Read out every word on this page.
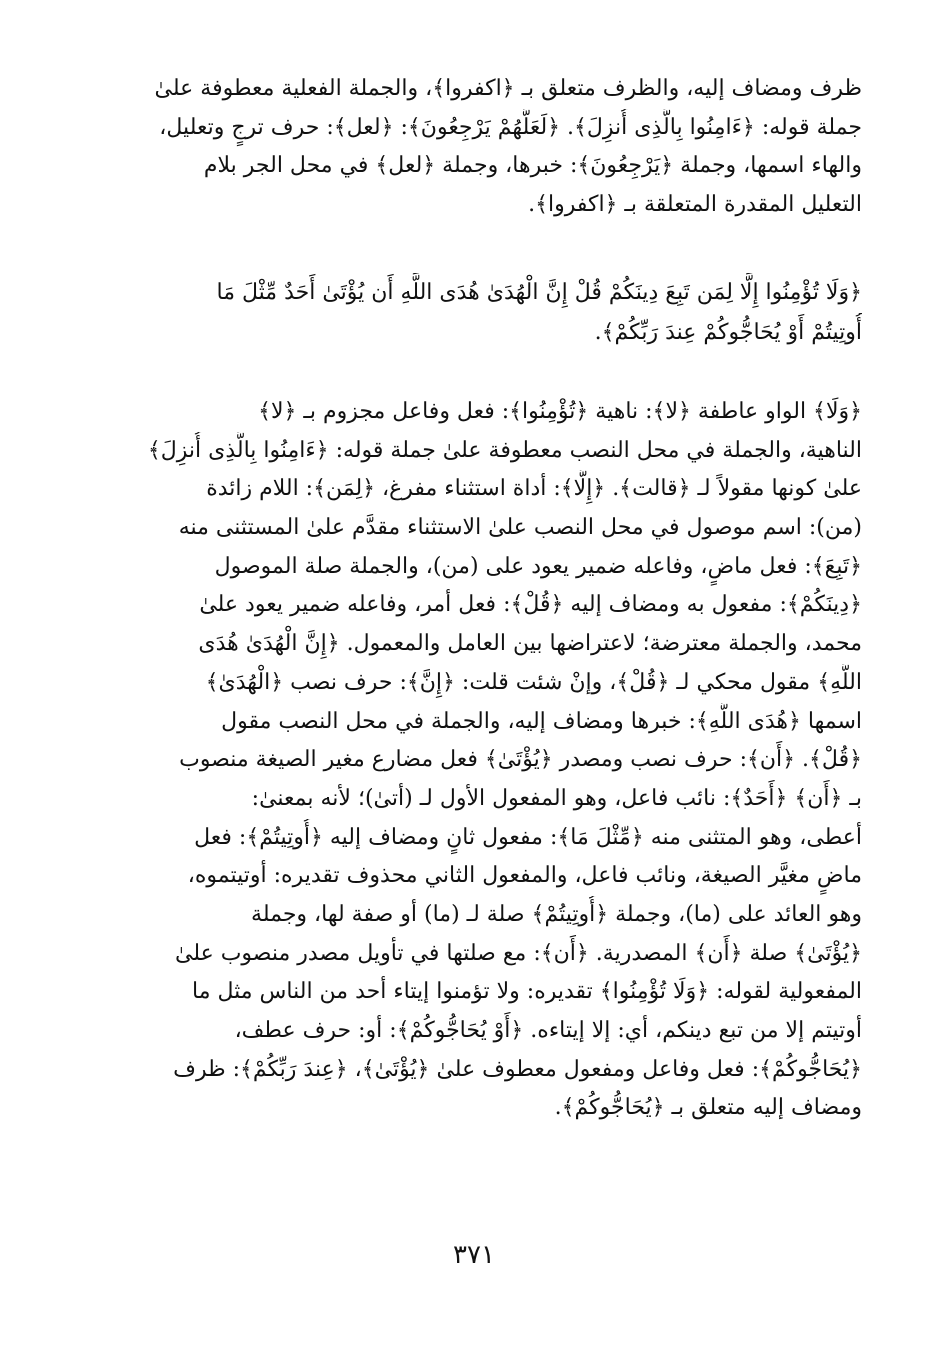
ظرف ومضاف إليه، والظرف متعلق بـ ﴿اكفروا﴾، والجملة الفعلية معطوفة علىٰ
جملة قوله: ﴿ءَامِنُوا بِالَّذِى أُنزِلَ﴾. ﴿لَعَلَّهُمْ يَرْجِعُونَ﴾: ﴿لعل﴾: حرف ترجٍ وتعليل،
والهاء اسمها، وجملة ﴿يَرْجِعُونَ﴾: خبرها، وجملة ﴿لعل﴾ في محل الجر بلام
التعليل المقدرة المتعلقة بـ ﴿اكفروا﴾.
﴿وَلَا تُؤْمِنُوا إِلَّا لِمَن تَبِعَ دِينَكُمْ قُلْ إِنَّ الْهُدَىٰ هُدَى اللَّهِ أَن يُؤْتَىٰ أَحَدٌ مِّثْلَ مَا
أُوتِيتُمْ أَوْ يُحَاجُّوكُمْ عِندَ رَبِّكُمْ﴾.
﴿وَلَا﴾ الواو عاطفة ﴿لا﴾: ناهية ﴿تُؤْمِنُوا﴾: فعل وفاعل مجزوم بـ ﴿لا﴾
الناهية، والجملة في محل النصب معطوفة علىٰ جملة قوله: ﴿ءَامِنُوا بِالَّذِى أُنزِلَ﴾
علىٰ كونها مقولاً لـ ﴿قالت﴾. ﴿إِلَّا﴾: أداة استثناء مفرغ، ﴿لِمَن﴾: اللام زائدة
(من): اسم موصول في محل النصب علىٰ الاستثناء مقدَّم علىٰ المستثنى منه
﴿تَبِعَ﴾: فعل ماضٍ، وفاعله ضمير يعود على (من)، والجملة صلة الموصول
﴿دِينَكُمْ﴾: مفعول به ومضاف إليه ﴿قُلْ﴾: فعل أمر، وفاعله ضمير يعود علىٰ
محمد، والجملة معترضة؛ لاعتراضها بين العامل والمعمول. ﴿إِنَّ الْهُدَىٰ هُدَى
اللَّهِ﴾ مقول محكي لـ ﴿قُلْ﴾، وإنْ شئت قلت: ﴿إِنَّ﴾: حرف نصب ﴿الْهُدَىٰ﴾
اسمها ﴿هُدَى اللَّهِ﴾: خبرها ومضاف إليه، والجملة في محل النصب مقول
﴿قُلْ﴾. ﴿أَن﴾: حرف نصب ومصدر ﴿يُؤْتَىٰ﴾ فعل مضارع مغير الصيغة منصوب
بـ ﴿أَن﴾ ﴿أَحَدٌ﴾: نائب فاعل، وهو المفعول الأول لـ (أتىٰ)؛ لأنه بمعنىٰ:
أعطى، وهو المتثنى منه ﴿مِّثْلَ مَا﴾: مفعول ثانٍ ومضاف إليه ﴿أُوتِيتُمْ﴾: فعل
ماضٍ مغيَّر الصيغة، ونائب فاعل، والمفعول الثاني محذوف تقديره: أوتيتموه،
وهو العائد على (ما)، وجملة ﴿أُوتِيتُمْ﴾ صلة لـ (ما) أو صفة لها، وجملة
﴿يُؤْتَىٰ﴾ صلة ﴿أَن﴾ المصدرية. ﴿أَن﴾: مع صلتها في تأويل مصدر منصوب علىٰ
المفعولية لقوله: ﴿وَلَا تُؤْمِنُوا﴾ تقديره: ولا تؤمنوا إيتاء أحد من الناس مثل ما
أوتيتم إلا من تبع دينكم، أي: إلا إيتاءه. ﴿أَوْ يُحَاجُّوكُمْ﴾: أو: حرف عطف،
﴿يُحَاجُّوكُمْ﴾: فعل وفاعل ومفعول معطوف علىٰ ﴿يُؤْتَىٰ﴾، ﴿عِندَ رَبِّكُمْ﴾: ظرف
ومضاف إليه متعلق بـ ﴿يُحَاجُّوكُمْ﴾.
٣٧١
